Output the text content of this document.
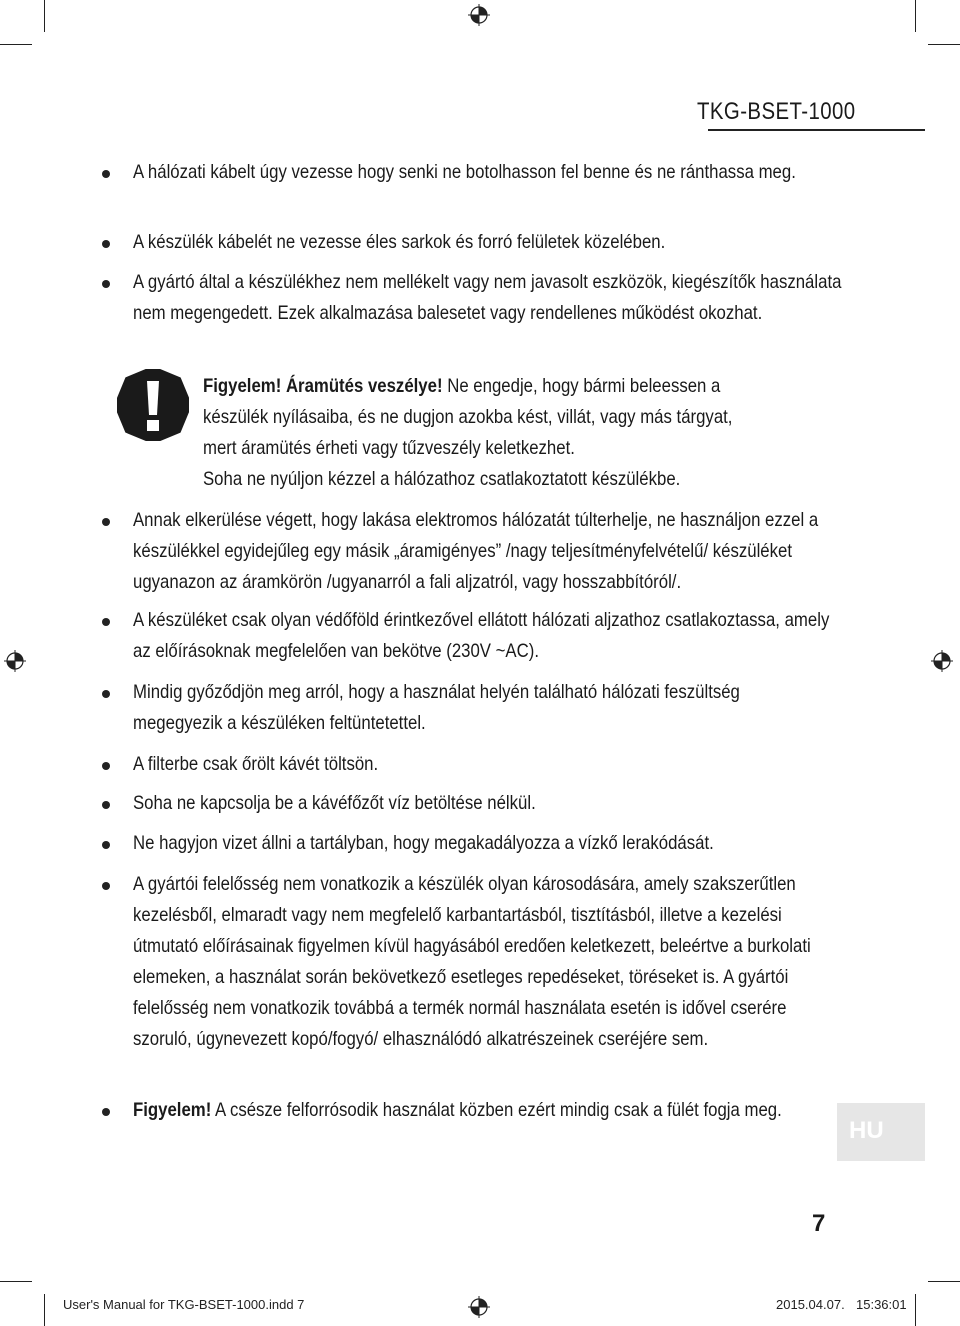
TKG-BSET-1000
A hálózati kábelt úgy vezesse hogy senki ne botolhasson fel benne és ne ránthassa meg.
A készülék kábelét ne vezesse éles sarkok és forró felületek közelében.
A gyártó által a készülékhez nem mellékelt vagy nem javasolt eszközök, kiegészítők használata nem megengedett. Ezek alkalmazása balesetet vagy rendellenes működést okozhat.
Figyelem! Áramütés veszélye! Ne engedje, hogy bármi beleessen a készülék nyílásaiba, és ne dugjon azokba kést, villát, vagy más tárgyat, mert áramütés érheti vagy tűzveszély keletkezhet.
Soha ne nyúljon kézzel a hálózathoz csatlakoztatott készülékbe.
Annak elkerülése végett, hogy lakása elektromos hálózatát túlterhelje, ne használjon ezzel a készülékkel egyidejűleg egy másik „áramigényes” /nagy teljesítményfelvételű/ készüléket ugyanazon az áramkörön /ugyanarról a fali aljzatról, vagy hosszabbítóról/.
A készüléket csak olyan védőföld érintkezővel ellátott hálózati aljzathoz csatlakoztassa, amely az előírásoknak megfelelően van bekötve (230V ~AC).
Mindig győződjön meg arról, hogy a használat helyén található hálózati feszültség megegyezik a készüléken feltüntetettel.
A filterbe csak őrölt kávét töltsön.
Soha ne kapcsolja be a kávéfőzőt víz betöltése nélkül.
Ne hagyjon vizet állni a tartályban, hogy megakadályozza a vízkő lerakódását.
A gyártói felelősség nem vonatkozik a készülék olyan károsodására, amely szakszerűtlen kezelésből, elmaradt vagy nem megfelelő karbantartásból, tisztításból, illetve a kezelési útmutató előírásainak figyelmen kívül hagyásából eredően keletkezett, beleértve a burkolati elemeken, a használat során bekövetkező esetleges repedéseket, töréseket is. A gyártói felelősség nem vonatkozik továbbá a termék normál használata esetén is idővel cserére szoruló, úgynevezett kopó/fogyó/ elhasználódó alkatrészeinek cseréjére sem.
Figyelem! A csésze felforrósodik használat közben ezért mindig csak a fülét fogja meg.
HU
7
User's Manual for TKG-BSET-1000.indd 7	2015.04.07. 15:36:01
